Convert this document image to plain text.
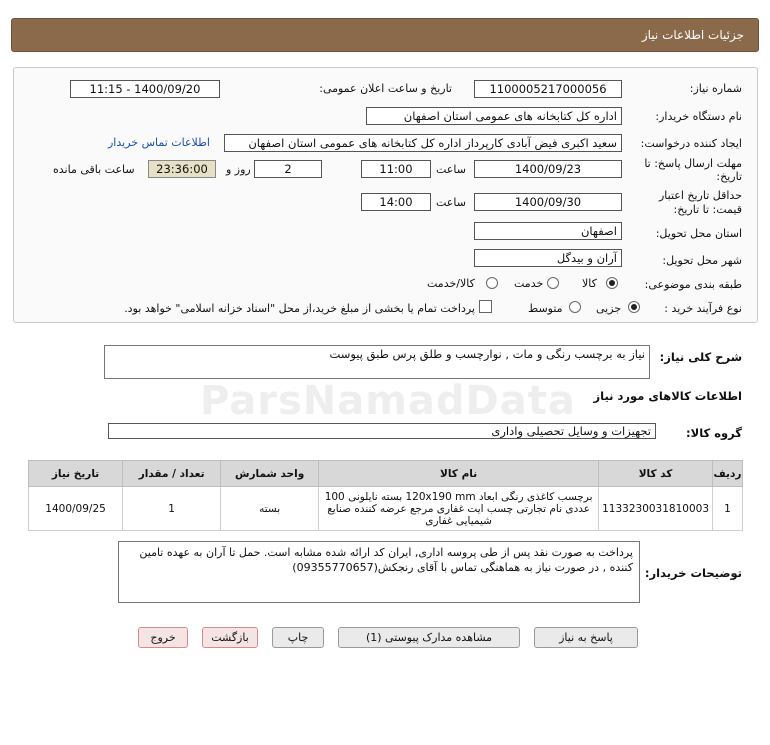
جزئیات اطلاعات نیاز
شماره نیاز:
1100005217000056
تاریخ و ساعت اعلان عمومی:
1400/09/20 - 11:15
نام دستگاه خریدار:
اداره کل کتابخانه های عمومی استان اصفهان
ایجاد کننده درخواست:
سعید اکبری فیض آبادی کارپرداز اداره کل کتابخانه های عمومی استان اصفهان
اطلاعات تماس خریدار
مهلت ارسال پاسخ: تا
تاریخ:
1400/09/23
ساعت
11:00
2
روز و
23:36:00
ساعت باقی مانده
حداقل تاریخ اعتبار
قیمت: تا تاریخ:
1400/09/30
ساعت
14:00
استان محل تحویل:
اصفهان
شهر محل تحویل:
آران و بیدگل
طبقه بندی موضوعی:
کالا
خدمت
کالا/خدمت
نوع فرآیند خرید :
جزیی
متوسط
پرداخت تمام یا بخشی از مبلغ خرید،از محل "اسناد خزانه اسلامی" خواهد بود.
شرح کلی نیاز:
نیاز به برچسب رنگی و مات , نوارچسب و طلق پرس طبق پیوست
ParsNamadData اطلاعات کالاهای مورد نیاز
گروه کالا:
تجهیزات و وسایل تحصیلی واداری
ردیف	کد کالا	نام کالا	واحد شمارش	تعداد / مقدار	تاریخ نیاز
1	1133230031810003	برچسب کاغذی رنگی ابعاد 120x190 mm بسته نایلونی 100 عددی نام تجارتی چسب ایت غفاری مرجع عرضه کننده صنایع شیمیایی غفاری	بسته	1	1400/09/25
توضیحات خریدار:
پرداخت به صورت نقد پس از طی پروسه اداری, ایران کد ارائه شده مشابه است. حمل تا آران به عهده تامین کننده , در صورت نیاز به هماهنگی تماس با آقای رنجکش(09355770657)
پاسخ به نیاز
مشاهده مدارک پیوستی (1)
چاپ
بازگشت
خروج
